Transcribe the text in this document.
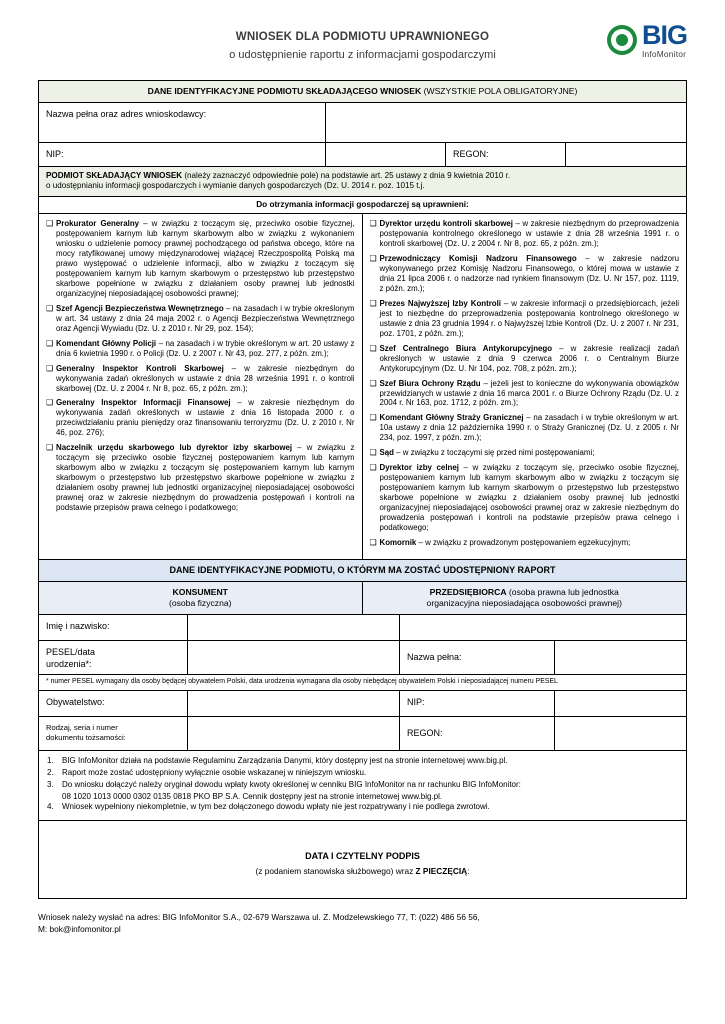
WNIOSEK DLA PODMIOTU UPRAWNIONEGO
o udostępnienie raportu z informacjami gospodarczymi
BIG
InfoMonitor
DANE IDENTYFIKACYJNE PODMIOTU SKŁADAJĄCEGO WNIOSEK (WSZYSTKIE POLA OBLIGATORYJNE)
Nazwa pełna oraz adres wnioskodawcy:
NIP:	REGON:
PODMIOT SKŁADAJĄCY WNIOSEK (należy zaznaczyć odpowiednie pole) na podstawie art. 25 ustawy z dnia 9 kwietnia 2010 r.
o udostępnianiu informacji gospodarczych i wymianie danych gospodarczych (Dz. U. 2014 r. poz. 1015 t.j.
Do otrzymania informacji gospodarczej są uprawnieni:
❑ Prokurator Generalny – w związku z toczącym się, przeciwko osobie fizycznej, postępowaniem karnym lub karnym skarbowym albo w związku z wykonaniem wniosku o udzielenie pomocy prawnej pochodzącego od państwa obcego, które na mocy ratyfikowanej umowy międzynarodowej wiążącej Rzeczpospolitą Polską ma prawo występować o udzielenie informacji, albo w związku z toczącym się postępowaniem karnym lub karnym skarbowym o przestępstwo lub przestępstwo skarbowe popełnione w związku z działaniem osoby prawnej lub jednostki organizacyjnej nieposiadającej osobowości prawnej;
❑ Szef Agencji Bezpieczeństwa Wewnętrznego – na zasadach i w trybie określonym w art. 34 ustawy z dnia 24 maja 2002 r. o Agencji Bezpieczeństwa Wewnętrznego oraz Agencji Wywiadu (Dz. U. z 2010 r. Nr 29, poz. 154);
❑ Komendant Główny Policji – na zasadach i w trybie określonym w art. 20 ustawy z dnia 6 kwietnia 1990 r. o Policji (Dz. U. z 2007 r. Nr 43, poz. 277, z późn. zm.);
❑ Generalny Inspektor Kontroli Skarbowej – w zakresie niezbędnym do wykonywania zadań określonych w ustawie z dnia 28 września 1991 r. o kontroli skarbowej (Dz. U. z 2004 r. Nr 8, poz. 65, z późn. zm.);
❑ Generalny Inspektor Informacji Finansowej – w zakresie niezbędnym do wykonywania zadań określonych w ustawie z dnia 16 listopada 2000 r. o przeciwdziałaniu praniu pieniędzy oraz finansowaniu terroryzmu (Dz. U. z 2010 r. Nr 46, poz. 276);
❑ Naczelnik urzędu skarbowego lub dyrektor izby skarbowej – w związku z toczącym się przeciwko osobie fizycznej postępowaniem karnym lub karnym skarbowym albo w związku z toczącym się postępowaniem karnym lub karnym skarbowym o przestępstwo lub przestępstwo skarbowe popełnione w związku z działaniem osoby prawnej lub jednostki organizacyjnej nieposiadającej osobowości prawnej oraz w zakresie niezbędnym do prowadzenia postępowań i kontroli na podstawie przepisów prawa celnego i podatkowego;
❑ Dyrektor urzędu kontroli skarbowej – w zakresie niezbędnym do przeprowadzenia postępowania kontrolnego określonego w ustawie z dnia 28 września 1991 r. o kontroli skarbowej (Dz. U. z 2004 r. Nr 8, poz. 65, z późn. zm.);
❑ Przewodniczący Komisji Nadzoru Finansowego – w zakresie nadzoru wykonywanego przez Komisję Nadzoru Finansowego, o której mowa w ustawie z dnia 21 lipca 2006 r. o nadzorze nad rynkiem finansowym (Dz. U. Nr 157, poz. 1119, z późn. zm.);
❑ Prezes Najwyższej Izby Kontroli – w zakresie informacji o przedsiębiorcach, jeżeli jest to niezbędne do przeprowadzenia postępowania kontrolnego określonego w ustawie z dnia 23 grudnia 1994 r. o Najwyższej Izbie Kontroli (Dz. U. z 2007 r. Nr 231, poz. 1701, z późn. zm.);
❑ Szef Centralnego Biura Antykorupcyjnego – w zakresie realizacji zadań określonych w ustawie z dnia 9 czerwca 2006 r. o Centralnym Biurze Antykorupcyjnym (Dz. U. Nr 104, poz. 708, z późn. zm.);
❑ Szef Biura Ochrony Rządu – jeżeli jest to konieczne do wykonywania obowiązków przewidzianych w ustawie z dnia 16 marca 2001 r. o Biurze Ochrony Rządu (Dz. U. z 2004 r. Nr 163, poz. 1712, z późn. zm.);
❑ Komendant Główny Straży Granicznej – na zasadach i w trybie określonym w art. 10a ustawy z dnia 12 października 1990 r. o Straży Granicznej (Dz. U. z 2005 r. Nr 234, poz. 1997, z późn. zm.);
❑ Sąd – w związku z toczącymi się przed nimi postępowaniami;
❑ Dyrektor izby celnej – w związku z toczącym się, przeciwko osobie fizycznej, postępowaniem karnym lub karnym skarbowym albo w związku z toczącym się postępowaniem karnym lub karnym skarbowym o przestępstwo lub przestępstwo skarbowe popełnione w związku z działaniem osoby prawnej lub jednostki organizacyjnej nieposiadającej osobowości prawnej oraz w zakresie niezbędnym do prowadzenia postępowań i kontroli na podstawie przepisów prawa celnego i podatkowego;
❑ Komornik – w związku z prowadzonym postępowaniem egzekucyjnym;
DANE IDENTYFIKACYJNE PODMIOTU, O KTÓRYM MA ZOSTAĆ UDOSTĘPNIONY RAPORT
KONSUMENT
(osoba fizyczna)
PRZEDSIĘBIORCA (osoba prawna lub jednostka
organizacyjna nieposiadająca osobowości prawnej)
Imię i nazwisko:
PESEL/data
urodzenia*:
Nazwa pełna:
* numer PESEL wymagany dla osoby będącej obywatelem Polski, data urodzenia wymagana dla osoby niebędącej obywatelem Polski i nieposiadającej numeru PESEL
Obywatelstwo:	NIP:
Rodzaj, seria i numer
dokumentu tożsamości:	REGON:
1.	BIG InfoMonitor działa na podstawie Regulaminu Zarządzania Danymi, który dostępny jest na stronie internetowej www.big.pl.
2.	Raport może zostać udostępniony wyłącznie osobie wskazanej w niniejszym wniosku.
3.	Do wniosku dołączyć należy oryginał dowodu wpłaty kwoty określonej w cenniku BIG InfoMonitor na nr rachunku BIG InfoMonitor:
08 1020 1013 0000 0302 0135 0818 PKO BP S.A. Cennik dostępny jest na stronie internetowej www.big.pl.
4.	Wniosek wypełniony niekompletnie, w tym bez dołączonego dowodu wpłaty nie jest rozpatrywany i nie podlega zwrotowi.
DATA I CZYTELNY PODPIS
(z podaniem stanowiska służbowego) wraz Z PIECZĘCIĄ:
Wniosek należy wysłać na adres: BIG InfoMonitor S.A., 02-679 Warszawa ul. Z. Modzelewskiego 77, T: (022) 486 56 56,
M: bok@infomonitor.pl
